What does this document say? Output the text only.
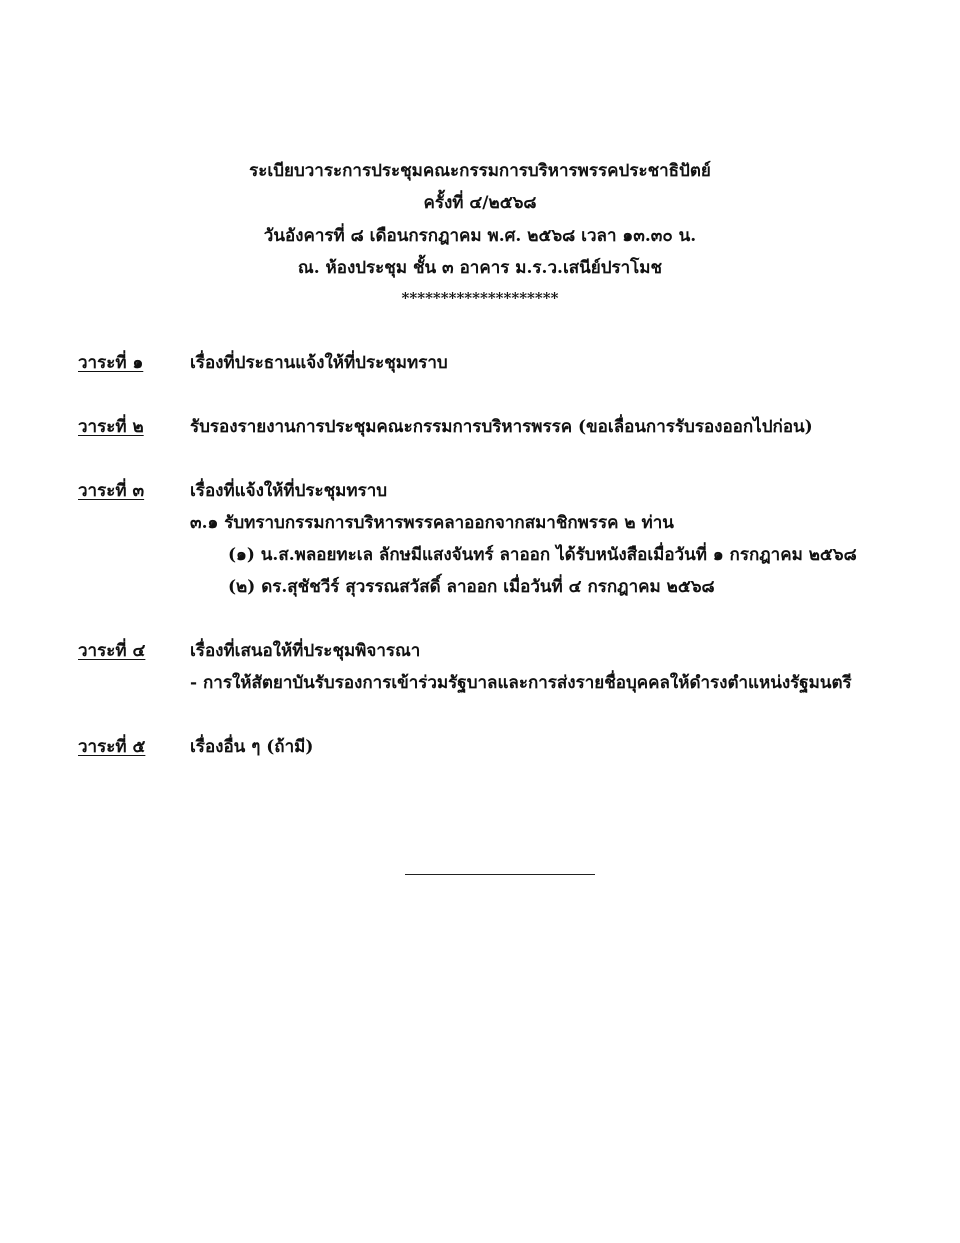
ระเบียบวาระการประชุมคณะกรรมการบริหารพรรคประชาธิปัตย์
ครั้งที่ ๔/๒๕๖๘
วันอังคารที่ ๘ เดือนกรกฎาคม พ.ศ. ๒๕๖๘ เวลา ๑๓.๓๐ น.
ณ. ห้องประชุม ชั้น ๓ อาคาร ม.ร.ว.เสนีย์ปราโมช
********************
วาระที่ ๑	เรื่องที่ประธานแจ้งให้ที่ประชุมทราบ
วาระที่ ๒	รับรองรายงานการประชุมคณะกรรมการบริหารพรรค (ขอเลื่อนการรับรองออกไปก่อน)
วาระที่ ๓	เรื่องที่แจ้งให้ที่ประชุมทราบ
๓.๑ รับทราบกรรมการบริหารพรรคลาออกจากสมาชิกพรรค ๒ ท่าน
(๑) น.ส.พลอยทะเล ลักษมีแสงจันทร์ ลาออก ได้รับหนังสือเมื่อวันที่ ๑ กรกฎาคม ๒๕๖๘
(๒) ดร.สุชัชวีร์ สุวรรณสวัสดิ์ ลาออก เมื่อวันที่ ๔ กรกฎาคม ๒๕๖๘
วาระที่ ๔	เรื่องที่เสนอให้ที่ประชุมพิจารณา
- การให้สัตยาบันรับรองการเข้าร่วมรัฐบาลและการส่งรายชื่อบุคคลให้ดำรงตำแหน่งรัฐมนตรี
วาระที่ ๕	เรื่องอื่น ๆ (ถ้ามี)
